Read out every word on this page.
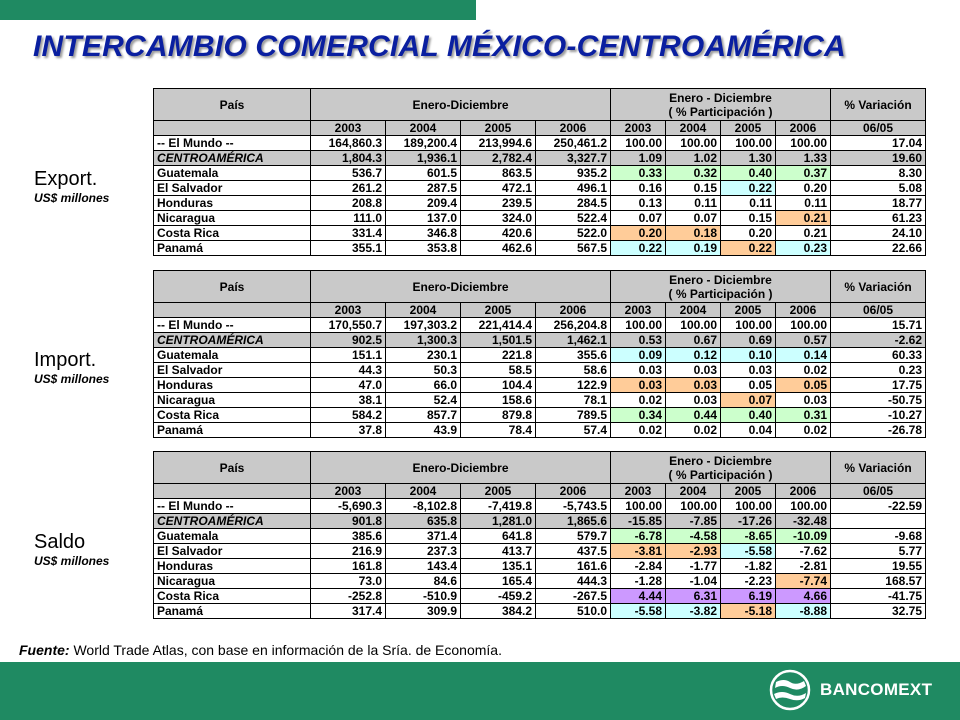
INTERCAMBIO COMERCIAL MÉXICO-CENTROAMÉRICA
Export.
US$ millones
Import.
US$ millones
Saldo
US$ millones
País	Enero-Diciembre				Enero - Diciembre
( % Participación )				% Variación

	2003	2004	2005	2006	2003	2004	2005	2006	06/05
-- El Mundo --	164,860.3	189,200.4	213,994.6	250,461.2	100.00	100.00	100.00	100.00	17.04
CENTROAMÉRICA	1,804.3	1,936.1	2,782.4	3,327.7	1.09	1.02	1.30	1.33	19.60
Guatemala	536.7	601.5	863.5	935.2	0.33	0.32	0.40	0.37	8.30
El Salvador	261.2	287.5	472.1	496.1	0.16	0.15	0.22	0.20	5.08
Honduras	208.8	209.4	239.5	284.5	0.13	0.11	0.11	0.11	18.77
Nicaragua	111.0	137.0	324.0	522.4	0.07	0.07	0.15	0.21	61.23
Costa Rica	331.4	346.8	420.6	522.0	0.20	0.18	0.20	0.21	24.10
Panamá	355.1	353.8	462.6	567.5	0.22	0.19	0.22	0.23	22.66
País	Enero-Diciembre				Enero - Diciembre
( % Participación )				% Variación

	2003	2004	2005	2006	2003	2004	2005	2006	06/05
-- El Mundo --	170,550.7	197,303.2	221,414.4	256,204.8	100.00	100.00	100.00	100.00	15.71
CENTROAMÉRICA	902.5	1,300.3	1,501.5	1,462.1	0.53	0.67	0.69	0.57	-2.62
Guatemala	151.1	230.1	221.8	355.6	0.09	0.12	0.10	0.14	60.33
El Salvador	44.3	50.3	58.5	58.6	0.03	0.03	0.03	0.02	0.23
Honduras	47.0	66.0	104.4	122.9	0.03	0.03	0.05	0.05	17.75
Nicaragua	38.1	52.4	158.6	78.1	0.02	0.03	0.07	0.03	-50.75
Costa Rica	584.2	857.7	879.8	789.5	0.34	0.44	0.40	0.31	-10.27
Panamá	37.8	43.9	78.4	57.4	0.02	0.02	0.04	0.02	-26.78
País	Enero-Diciembre				Enero - Diciembre
( % Participación )				% Variación

	2003	2004	2005	2006	2003	2004	2005	2006	06/05
-- El Mundo --	-5,690.3	-8,102.8	-7,419.8	-5,743.5	100.00	100.00	100.00	100.00	-22.59
CENTROAMÉRICA	901.8	635.8	1,281.0	1,865.6	-15.85	-7.85	-17.26	-32.48	
Guatemala	385.6	371.4	641.8	579.7	-6.78	-4.58	-8.65	-10.09	-9.68
El Salvador	216.9	237.3	413.7	437.5	-3.81	-2.93	-5.58	-7.62	5.77
Honduras	161.8	143.4	135.1	161.6	-2.84	-1.77	-1.82	-2.81	19.55
Nicaragua	73.0	84.6	165.4	444.3	-1.28	-1.04	-2.23	-7.74	168.57
Costa Rica	-252.8	-510.9	-459.2	-267.5	4.44	6.31	6.19	4.66	-41.75
Panamá	317.4	309.9	384.2	510.0	-5.58	-3.82	-5.18	-8.88	32.75
Fuente: World Trade Atlas, con base en información de la Sría. de Economía.
BANCOMEXT
